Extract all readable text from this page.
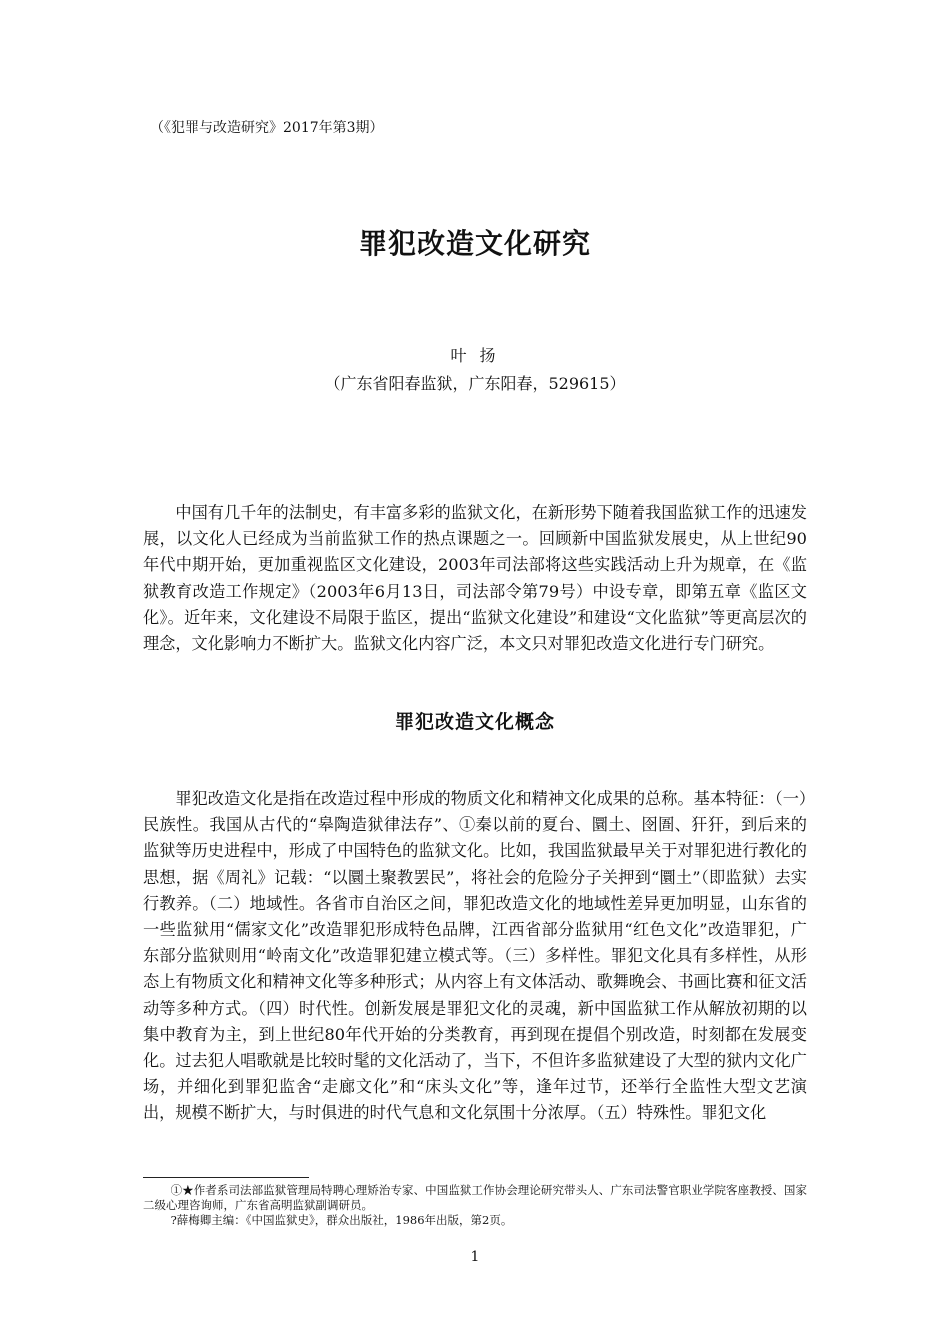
（《犯罪与改造研究》2017年第3期）
罪犯改造文化研究
叶 扬
（广东省阳春监狱，广东阳春，529615）

中国有几千年的法制史，有丰富多彩的监狱文化，在新形势下随着我国监狱工作的迅速发展，以文化人已经成为当前监狱工作的热点课题之一。回顾新中国监狱发展史，从上世纪90年代中期开始，更加重视监区文化建设，2003年司法部将这些实践活动上升为规章，在《监狱教育改造工作规定》（2003年6月13日，司法部令第79号）中设专章，即第五章《监区文化》。近年来，文化建设不局限于监区，提出“监狱文化建设”和建设“文化监狱”等更高层次的理念，文化影响力不断扩大。监狱文化内容广泛，本文只对罪犯改造文化进行专门研究。

罪犯改造文化概念

罪犯改造文化是指在改造过程中形成的物质文化和精神文化成果的总称。基本特征：（一）民族性。我国从古代的“皋陶造狱律法存”、①秦以前的夏台、圜土、囹圄、犴犴，到后来的监狱等历史进程中，形成了中国特色的监狱文化。比如，我国监狱最早关于对罪犯进行教化的思想，据《周礼》记载：“以圜土聚教罢民”，将社会的危险分子关押到“圜土”（即监狱）去实行教养。（二）地域性。各省市自治区之间，罪犯改造文化的地域性差异更加明显，山东省的一些监狱用“儒家文化”改造罪犯形成特色品牌，江西省部分监狱用“红色文化”改造罪犯，广东部分监狱则用“岭南文化”改造罪犯建立模式等。（三）多样性。罪犯文化具有多样性，从形态上有物质文化和精神文化等多种形式；从内容上有文体活动、歌舞晚会、书画比赛和征文活动等多种方式。（四）时代性。创新发展是罪犯文化的灵魂，新中国监狱工作从解放初期的以集中教育为主，到上世纪80年代开始的分类教育，再到现在提倡个别改造，时刻都在发展变化。过去犯人唱歌就是比较时髦的文化活动了，当下，不但许多监狱建设了大型的狱内文化广场，并细化到罪犯监舍“走廊文化”和“床头文化”等，逢年过节，还举行全监性大型文艺演出，规模不断扩大，与时俱进的时代气息和文化氛围十分浓厚。（五）特殊性。罪犯文化

①★作者系司法部监狱管理局特聘心理矫治专家、中国监狱工作协会理论研究带头人、广东司法警官职业学院客座教授、国家二级心理咨询师，广东省高明监狱副调研员。

?薛梅卿主编：《中国监狱史》，群众出版社，1986年出版，第2页。

1
